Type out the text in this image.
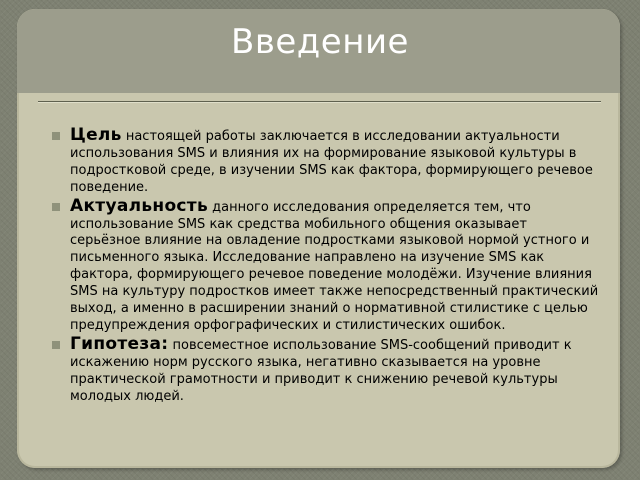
Введение
Цель настоящей работы заключается в исследовании актуальности использования SMS и влияния их на формирование языковой культуры в подростковой среде, в изучении SMS как фактора, формирующего речевое поведение.
Актуальность данного исследования определяется тем, что использование SMS как средства мобильного общения оказывает серьёзное влияние на овладение подростками языковой нормой устного и письменного языка. Исследование направлено на изучение SMS как фактора, формирующего речевое поведение молодёжи. Изучение влияния SMS на культуру подростков имеет также непосредственный практический выход, а именно в расширении знаний о нормативной стилистике с целью предупреждения орфографических и стилистических ошибок.
Гипотеза: повсеместное использование SMS-сообщений приводит к искажению норм русского языка, негативно сказывается на уровне практической грамотности и приводит к снижению речевой культуры молодых людей.
